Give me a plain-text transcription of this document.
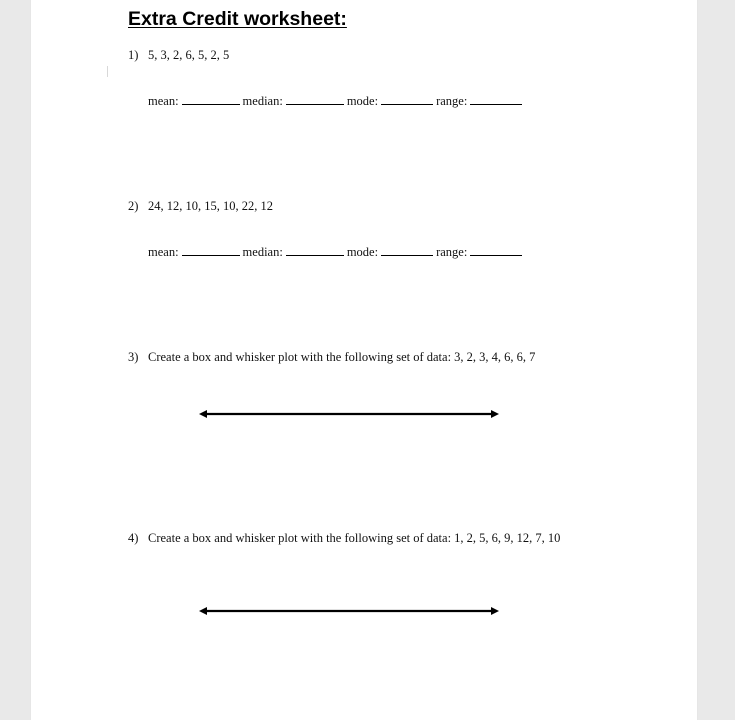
Extra Credit worksheet:
1) 5, 3, 2, 6, 5, 2, 5
mean:	median:	mode:	range:
2) 24, 12, 10, 15, 10, 22, 12
mean:	median:	mode:	range:
3) Create a box and whisker plot with the following set of data: 3, 2, 3, 4, 6, 6, 7
4) Create a box and whisker plot with the following set of data: 1, 2, 5, 6, 9, 12, 7, 10
